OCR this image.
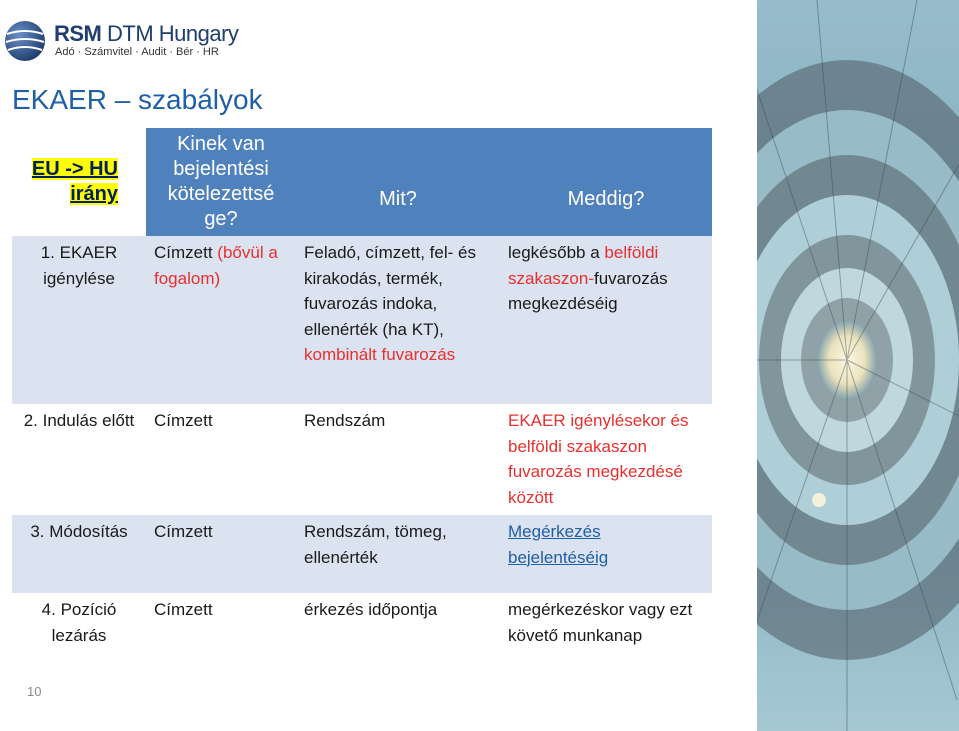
RSM DTM Hungary
Adó · Számvitel · Audit · Bér · HR
EKAER – szabályok
EU -> HU irány	Kinek van bejelentési kötelezettsé ge?	Mit?	Meddig?
1. EKAER igénylése	Címzett (bővül a fogalom)	Feladó, címzett, fel- és kirakodás, termék, fuvarozás indoka, ellenérték (ha KT), kombinált fuvarozás	legkésőbb a belföldi szakaszon-fuvarozás megkezdéséig
2. Indulás előtt	Címzett	Rendszám	EKAER igénylésekor és belföldi szakaszon fuvarozás megkezdésé között
3. Módosítás	Címzett	Rendszám, tömeg, ellenérték	Megérkezés bejelentéséig
4. Pozíció lezárás	Címzett	érkezés időpontja	megérkezéskor vagy ezt követő munkanap
10
